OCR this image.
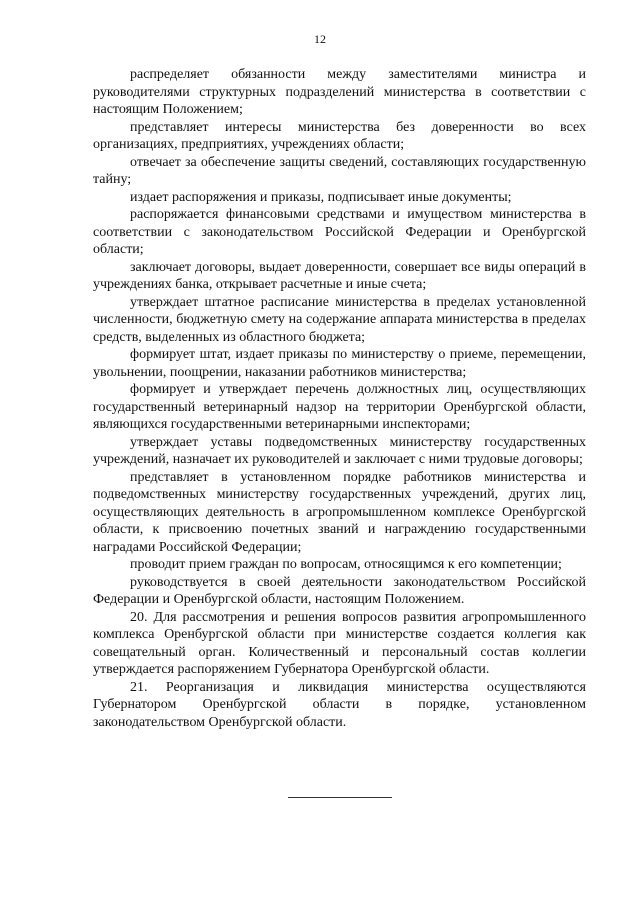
12

распределяет обязанности между заместителями министра и руководителями структурных подразделений министерства в соответствии с настоящим Положением;

представляет интересы министерства без доверенности во всех организациях, предприятиях, учреждениях области;

отвечает за обеспечение защиты сведений, составляющих государственную тайну;

издает распоряжения и приказы, подписывает иные документы;

распоряжается финансовыми средствами и имуществом министерства в соответствии с законодательством Российской Федерации и Оренбургской области;

заключает договоры, выдает доверенности, совершает все виды операций в учреждениях банка, открывает расчетные и иные счета;

утверждает штатное расписание министерства в пределах установленной численности, бюджетную смету на содержание аппарата министерства в пределах средств, выделенных из областного бюджета;

формирует штат, издает приказы по министерству о приеме, перемещении, увольнении, поощрении, наказании работников министерства;

формирует и утверждает перечень должностных лиц, осуществляющих государственный ветеринарный надзор на территории Оренбургской области, являющихся государственными ветеринарными инспекторами;

утверждает уставы подведомственных министерству государственных учреждений, назначает их руководителей и заключает с ними трудовые договоры;

представляет в установленном порядке работников министерства и подведомственных министерству государственных учреждений, других лиц, осуществляющих деятельность в агропромышленном комплексе Оренбургской области, к присвоению почетных званий и награждению государственными наградами Российской Федерации;

проводит прием граждан по вопросам, относящимся к его компетенции;

руководствуется в своей деятельности законодательством Российской Федерации и Оренбургской области, настоящим Положением.

20. Для рассмотрения и решения вопросов развития агропромышленного комплекса Оренбургской области при министерстве создается коллегия как совещательный орган. Количественный и персональный состав коллегии утверждается распоряжением Губернатора Оренбургской области.

21. Реорганизация и ликвидация министерства осуществляются Губернатором Оренбургской области в порядке, установленном законодательством Оренбургской области.
